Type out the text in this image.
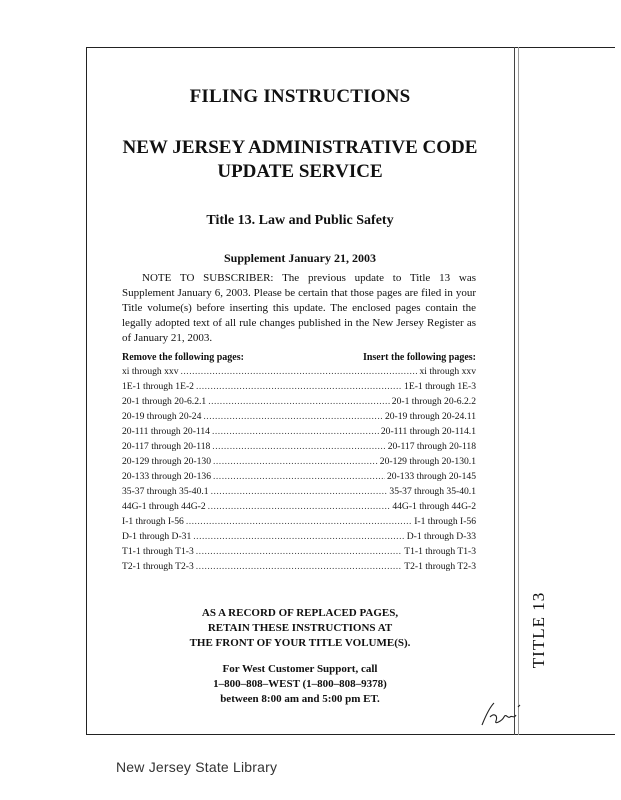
FILING INSTRUCTIONS
NEW JERSEY ADMINISTRATIVE CODE
UPDATE SERVICE
Title 13. Law and Public Safety
Supplement January 21, 2003
NOTE TO SUBSCRIBER: The previous update to Title 13 was Supplement January 6, 2003. Please be certain that those pages are filed in your Title volume(s) before inserting this update. The enclosed pages contain the legally adopted text of all rule changes published in the New Jersey Register as of January 21, 2003.
Remove the following pages:	Insert the following pages:
xi through xxv .....	xi through xxv
1E-1 through 1E-2 .....	1E-1 through 1E-3
20-1 through 20-6.2.1 .....	20-1 through 20-6.2.2
20-19 through 20-24 .....	20-19 through 20-24.11
20-111 through 20-114 .....	20-111 through 20-114.1
20-117 through 20-118 .....	20-117 through 20-118
20-129 through 20-130 .....	20-129 through 20-130.1
20-133 through 20-136 .....	20-133 through 20-145
35-37 through 35-40.1 .....	35-37 through 35-40.1
44G-1 through 44G-2 .....	44G-1 through 44G-2
I-1 through I-56 .....	I-1 through I-56
D-1 through D-31 .....	D-1 through D-33
T1-1 through T1-3 .....	T1-1 through T1-3
T2-1 through T2-3 .....	T2-1 through T2-3
AS A RECORD OF REPLACED PAGES,
RETAIN THESE INSTRUCTIONS AT
THE FRONT OF YOUR TITLE VOLUME(S).
For West Customer Support, call
1–800–808–WEST (1–800–808–9378)
between 8:00 am and 5:00 pm ET.
TITLE 13
New Jersey State Library
